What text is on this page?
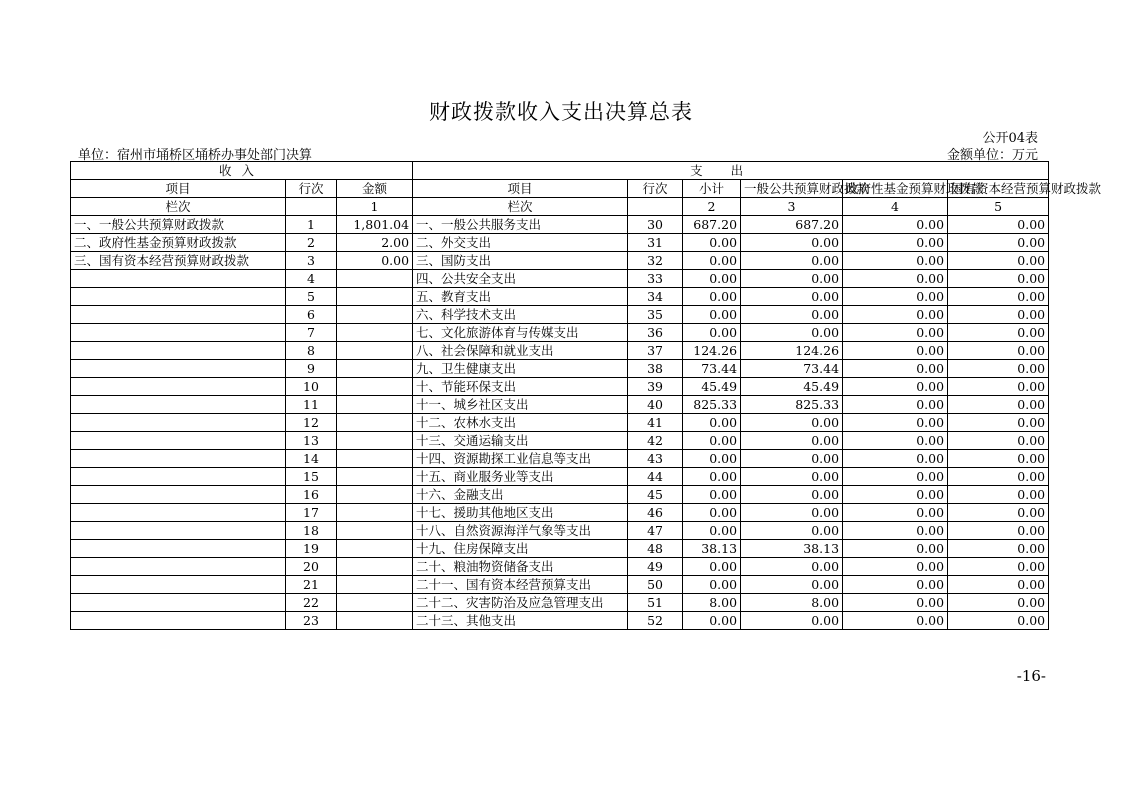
财政拨款收入支出决算总表
公开04表
单位：宿州市埇桥区埇桥办事处部门决算	金额单位：万元
收入			支出					
项目	行次	金额	项目	行次	小计	一般公共预算财政拨款	政府性基金预算财政拨款	国有资本经营预算财政拨款
栏次		1	栏次		2	3	4	5
一、一般公共预算财政拨款	1	1,801.04	一、一般公共服务支出	30	687.20	687.20	0.00	0.00
二、政府性基金预算财政拨款	2	2.00	二、外交支出	31	0.00	0.00	0.00	0.00
三、国有资本经营预算财政拨款	3	0.00	三、国防支出	32	0.00	0.00	0.00	0.00
	4		四、公共安全支出	33	0.00	0.00	0.00	0.00
	5		五、教育支出	34	0.00	0.00	0.00	0.00
	6		六、科学技术支出	35	0.00	0.00	0.00	0.00
	7		七、文化旅游体育与传媒支出	36	0.00	0.00	0.00	0.00
	8		八、社会保障和就业支出	37	124.26	124.26	0.00	0.00
	9		九、卫生健康支出	38	73.44	73.44	0.00	0.00
	10		十、节能环保支出	39	45.49	45.49	0.00	0.00
	11		十一、城乡社区支出	40	825.33	825.33	0.00	0.00
	12		十二、农林水支出	41	0.00	0.00	0.00	0.00
	13		十三、交通运输支出	42	0.00	0.00	0.00	0.00
	14		十四、资源勘探工业信息等支出	43	0.00	0.00	0.00	0.00
	15		十五、商业服务业等支出	44	0.00	0.00	0.00	0.00
	16		十六、金融支出	45	0.00	0.00	0.00	0.00
	17		十七、援助其他地区支出	46	0.00	0.00	0.00	0.00
	18		十八、自然资源海洋气象等支出	47	0.00	0.00	0.00	0.00
	19		十九、住房保障支出	48	38.13	38.13	0.00	0.00
	20		二十、粮油物资储备支出	49	0.00	0.00	0.00	0.00
	21		二十一、国有资本经营预算支出	50	0.00	0.00	0.00	0.00
	22		二十二、灾害防治及应急管理支出	51	8.00	8.00	0.00	0.00
	23		二十三、其他支出	52	0.00	0.00	0.00	0.00
-16-
